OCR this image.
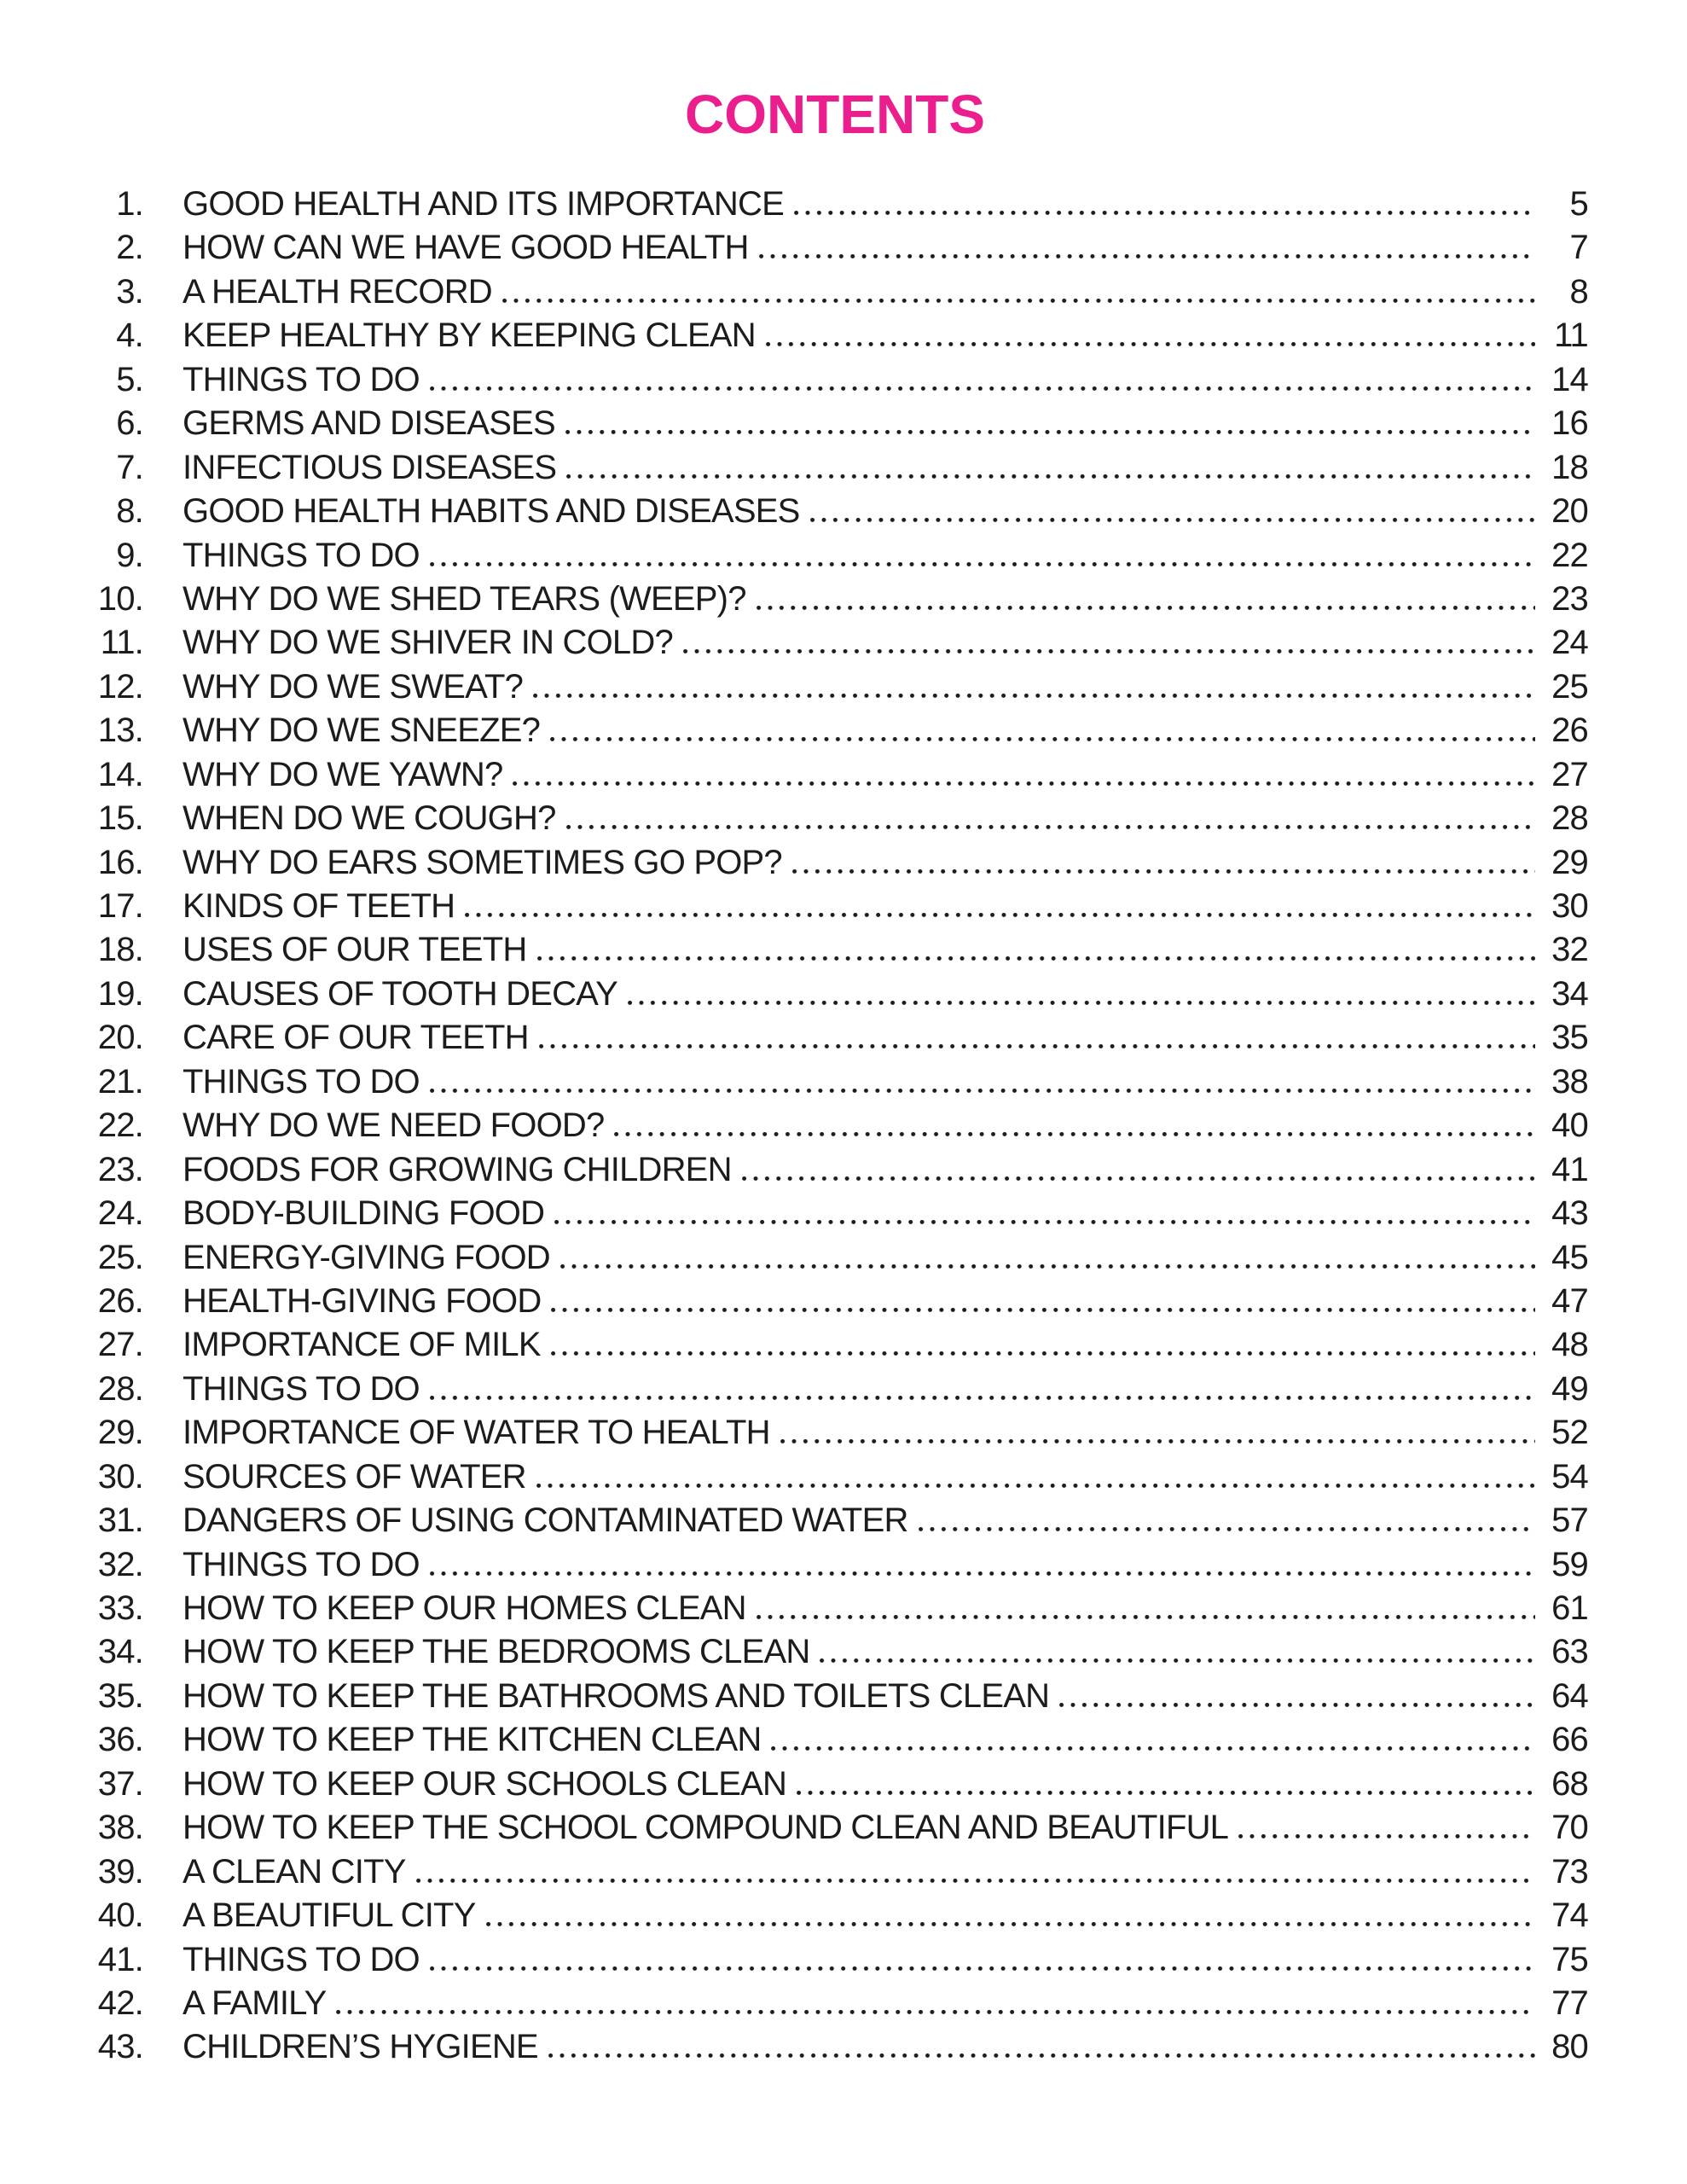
CONTENTS
1. GOOD HEALTH AND ITS IMPORTANCE	5
2. HOW CAN WE HAVE GOOD HEALTH	7
3. A HEALTH RECORD	8
4. KEEP HEALTHY BY KEEPING CLEAN	11
5. THINGS TO DO	14
6. GERMS AND DISEASES	16
7. INFECTIOUS DISEASES	18
8. GOOD HEALTH HABITS AND DISEASES	20
9. THINGS TO DO	22
10. WHY DO WE SHED TEARS (WEEP)?	23
11. WHY DO WE SHIVER IN COLD?	24
12. WHY DO WE SWEAT?	25
13. WHY DO WE SNEEZE?	26
14. WHY DO WE YAWN?	27
15. WHEN DO WE COUGH?	28
16. WHY DO EARS SOMETIMES GO POP?	29
17. KINDS OF TEETH	30
18. USES OF OUR TEETH	32
19. CAUSES OF TOOTH DECAY	34
20. CARE OF OUR TEETH	35
21. THINGS TO DO	38
22. WHY DO WE NEED FOOD?	40
23. FOODS FOR GROWING CHILDREN	41
24. BODY-BUILDING FOOD	43
25. ENERGY-GIVING FOOD	45
26. HEALTH-GIVING FOOD	47
27. IMPORTANCE OF MILK	48
28. THINGS TO DO	49
29. IMPORTANCE OF WATER TO HEALTH	52
30. SOURCES OF WATER	54
31. DANGERS OF USING CONTAMINATED WATER	57
32. THINGS TO DO	59
33. HOW TO KEEP OUR HOMES CLEAN	61
34. HOW TO KEEP THE BEDROOMS CLEAN	63
35. HOW TO KEEP THE BATHROOMS AND TOILETS CLEAN	64
36. HOW TO KEEP THE KITCHEN CLEAN	66
37. HOW TO KEEP OUR SCHOOLS CLEAN	68
38. HOW TO KEEP THE SCHOOL COMPOUND CLEAN AND BEAUTIFUL	70
39. A CLEAN CITY	73
40. A BEAUTIFUL CITY	74
41. THINGS TO DO	75
42. A FAMILY	77
43. CHILDREN’S HYGIENE	80
